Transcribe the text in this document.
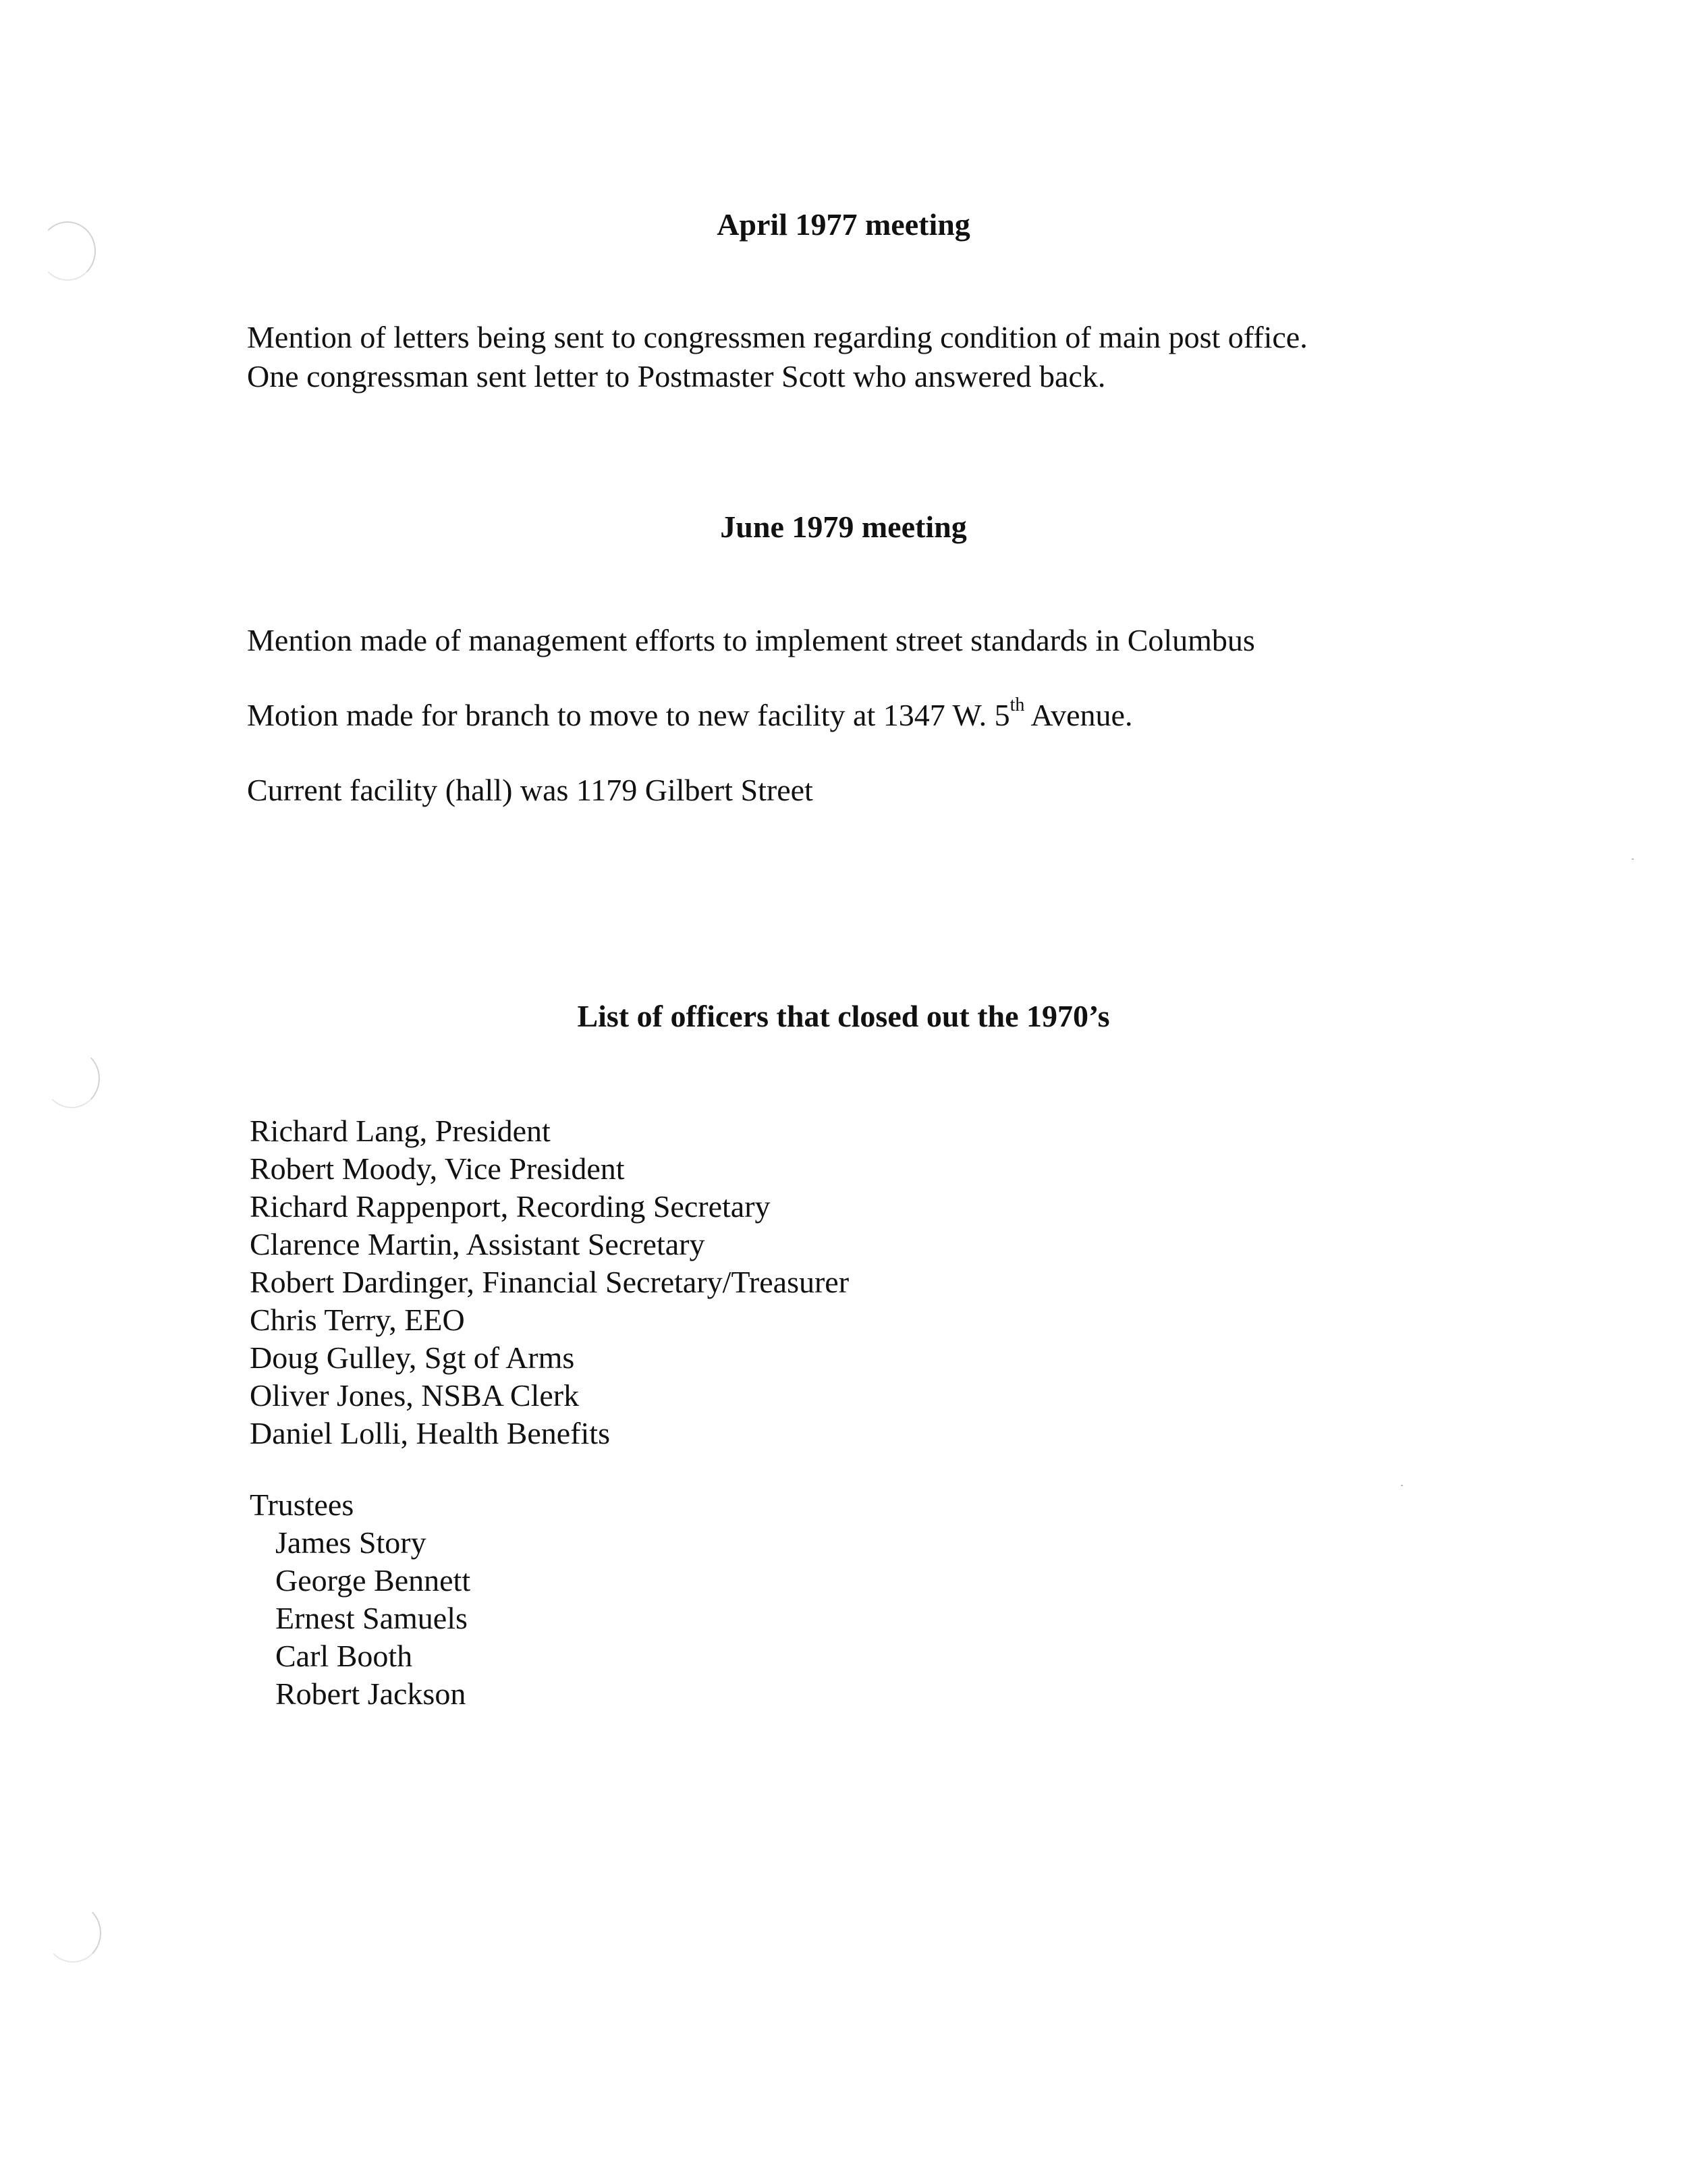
April 1977 meeting
Mention of letters being sent to congressmen regarding condition of main post office.
One congressman sent letter to Postmaster Scott who answered back.
June 1979 meeting
Mention made of management efforts to implement street standards in Columbus
Motion made for branch to move to new facility at 1347 W. 5th Avenue.
Current facility (hall) was 1179 Gilbert Street
List of officers that closed out the 1970’s
Richard Lang, President
Robert Moody, Vice President
Richard Rappenport, Recording Secretary
Clarence Martin, Assistant Secretary
Robert Dardinger, Financial Secretary/Treasurer
Chris Terry, EEO
Doug Gulley, Sgt of Arms
Oliver Jones, NSBA Clerk
Daniel Lolli, Health Benefits
Trustees
James Story
George Bennett
Ernest Samuels
Carl Booth
Robert Jackson
